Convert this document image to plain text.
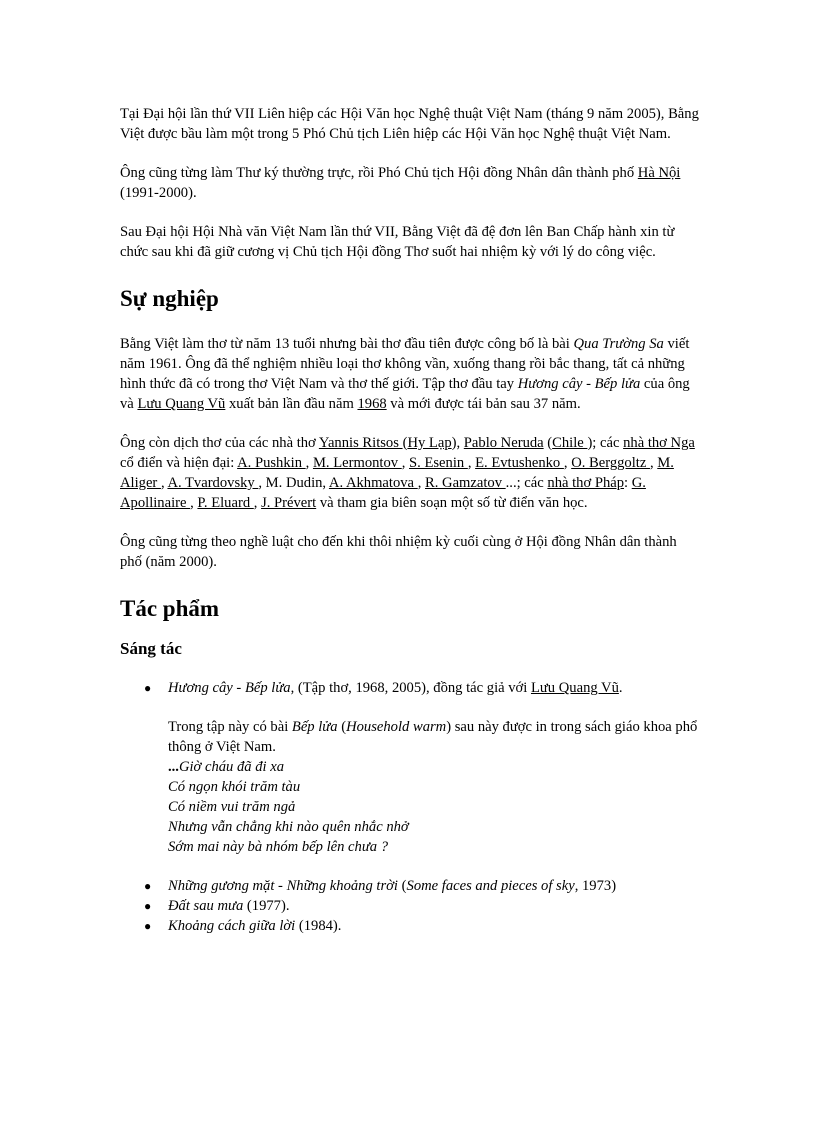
Tại Đại hội lần thứ VII Liên hiệp các Hội Văn học Nghệ thuật Việt Nam (tháng 9 năm 2005), Bằng Việt được bầu làm một trong 5 Phó Chủ tịch Liên hiệp các Hội Văn học Nghệ thuật Việt Nam.

Ông cũng từng làm Thư ký thường trực, rồi Phó Chủ tịch Hội đồng Nhân dân thành phố Hà Nội (1991-2000).

Sau Đại hội Hội Nhà văn Việt Nam lần thứ VII, Bằng Việt đã đệ đơn lên Ban Chấp hành xin từ chức sau khi đã giữ cương vị Chủ tịch Hội đồng Thơ suốt hai nhiệm kỳ với lý do công việc.

Sự nghiệp

Bằng Việt làm thơ từ năm 13 tuổi nhưng bài thơ đầu tiên được công bố là bài Qua Trường Sa viết năm 1961. Ông đã thể nghiệm nhiều loại thơ không vần, xuống thang rồi bắc thang, tất cả những hình thức đã có trong thơ Việt Nam và thơ thế giới. Tập thơ đầu tay Hương cây - Bếp lửa của ông và Lưu Quang Vũ xuất bản lần đầu năm 1968 và mới được tái bản sau 37 năm.

Ông còn dịch thơ của các nhà thơ Yannis Ritsos (Hy Lạp), Pablo Neruda (Chile ); các nhà thơ Nga cổ điển và hiện đại: A. Pushkin , M. Lermontov , S. Esenin , E. Evtushenko , O. Berggoltz , M. Aliger , A. Tvardovsky , M. Dudin, A. Akhmatova , R. Gamzatov ...; các nhà thơ Pháp: G. Apollinaire , P. Eluard , J. Prévert và tham gia biên soạn một số từ điển văn học.

Ông cũng từng theo nghề luật cho đến khi thôi nhiệm kỳ cuối cùng ở Hội đồng Nhân dân thành phố (năm 2000).

Tác phẩm
Sáng tác
● Hương cây - Bếp lửa, (Tập thơ, 1968, 2005), đồng tác giả với Lưu Quang Vũ.
Trong tập này có bài Bếp lửa (Household warm) sau này được in trong sách giáo khoa phổ thông ở Việt Nam.
...Giờ cháu đã đi xa
Có ngọn khói trăm tàu
Có niềm vui trăm ngả
Nhưng vẫn chẳng khi nào quên nhắc nhở
Sớm mai này bà nhóm bếp lên chưa ?
● Những gương mặt - Những khoảng trời (Some faces and pieces of sky, 1973)
● Đất sau mưa (1977).
● Khoảng cách giữa lời (1984).
